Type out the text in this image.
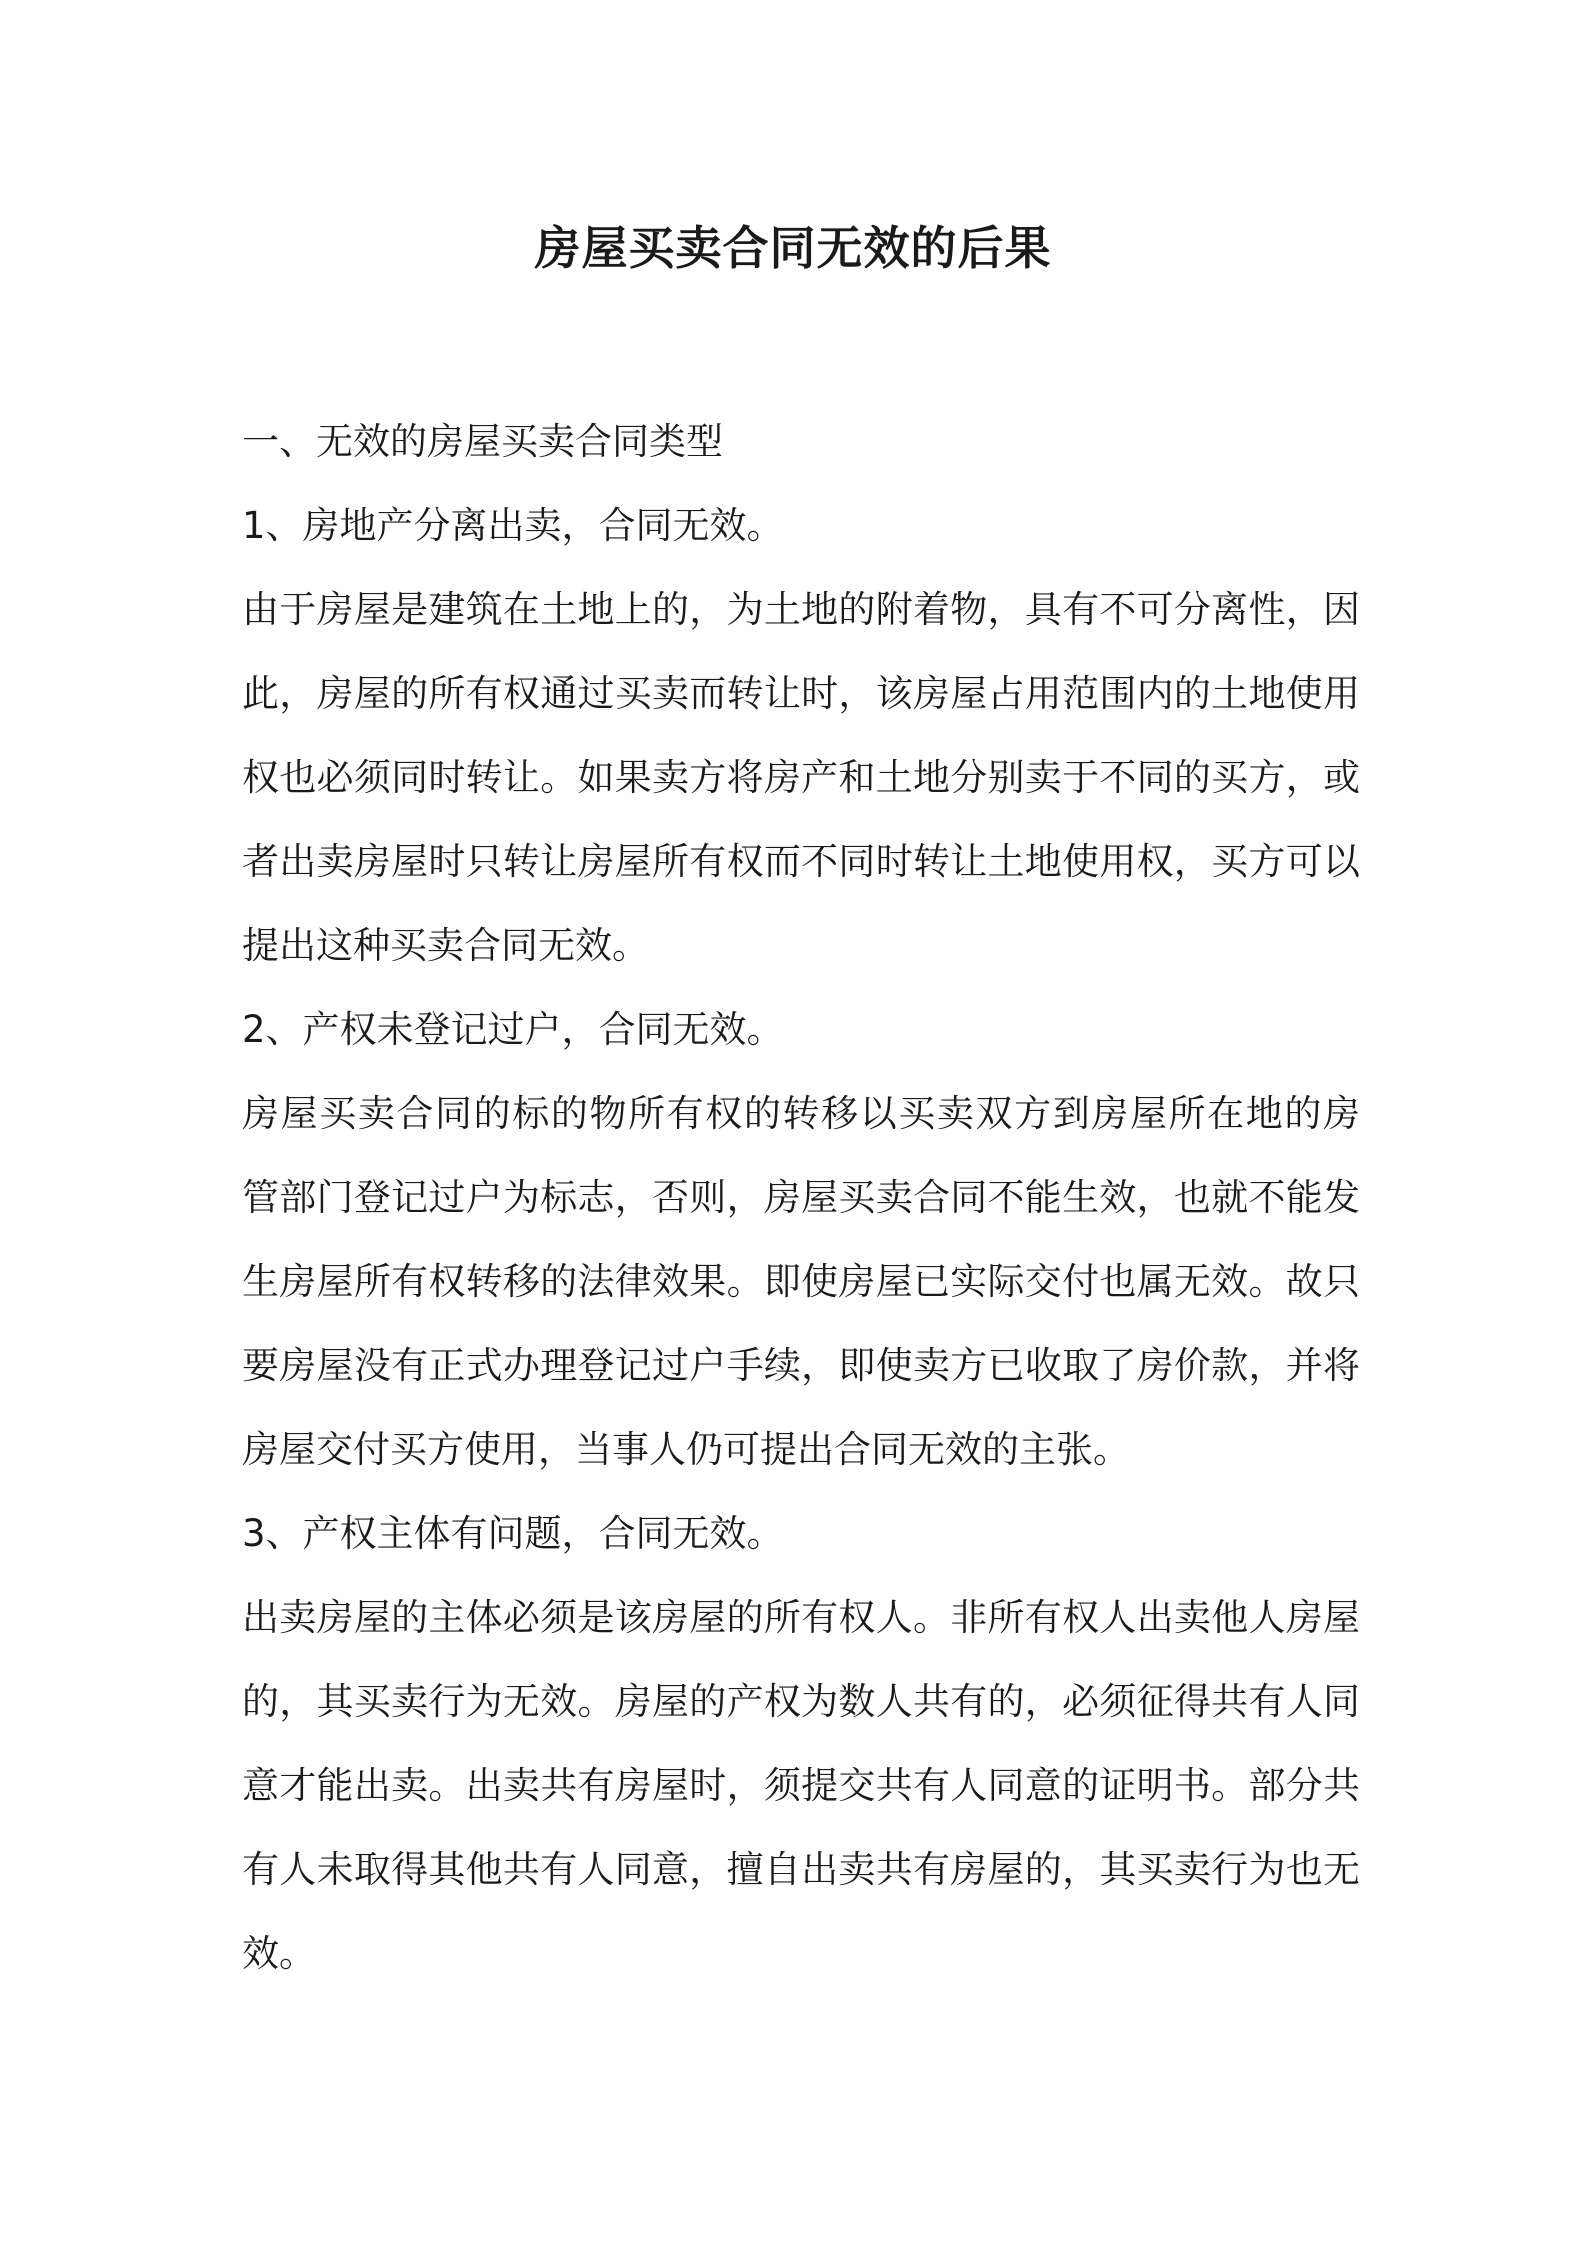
房屋买卖合同无效的后果
一、无效的房屋买卖合同类型
1、房地产分离出卖，合同无效。
由于房屋是建筑在土地上的，为土地的附着物，具有不可分离性，因
此，房屋的所有权通过买卖而转让时，该房屋占用范围内的土地使用
权也必须同时转让。如果卖方将房产和土地分别卖于不同的买方，或
者出卖房屋时只转让房屋所有权而不同时转让土地使用权，买方可以
提出这种买卖合同无效。
2、产权未登记过户，合同无效。
房屋买卖合同的标的物所有权的转移以买卖双方到房屋所在地的房
管部门登记过户为标志，否则，房屋买卖合同不能生效，也就不能发
生房屋所有权转移的法律效果。即使房屋已实际交付也属无效。故只
要房屋没有正式办理登记过户手续，即使卖方已收取了房价款，并将
房屋交付买方使用，当事人仍可提出合同无效的主张。
3、产权主体有问题，合同无效。
出卖房屋的主体必须是该房屋的所有权人。非所有权人出卖他人房屋
的，其买卖行为无效。房屋的产权为数人共有的，必须征得共有人同
意才能出卖。出卖共有房屋时，须提交共有人同意的证明书。部分共
有人未取得其他共有人同意，擅自出卖共有房屋的，其买卖行为也无
效。
